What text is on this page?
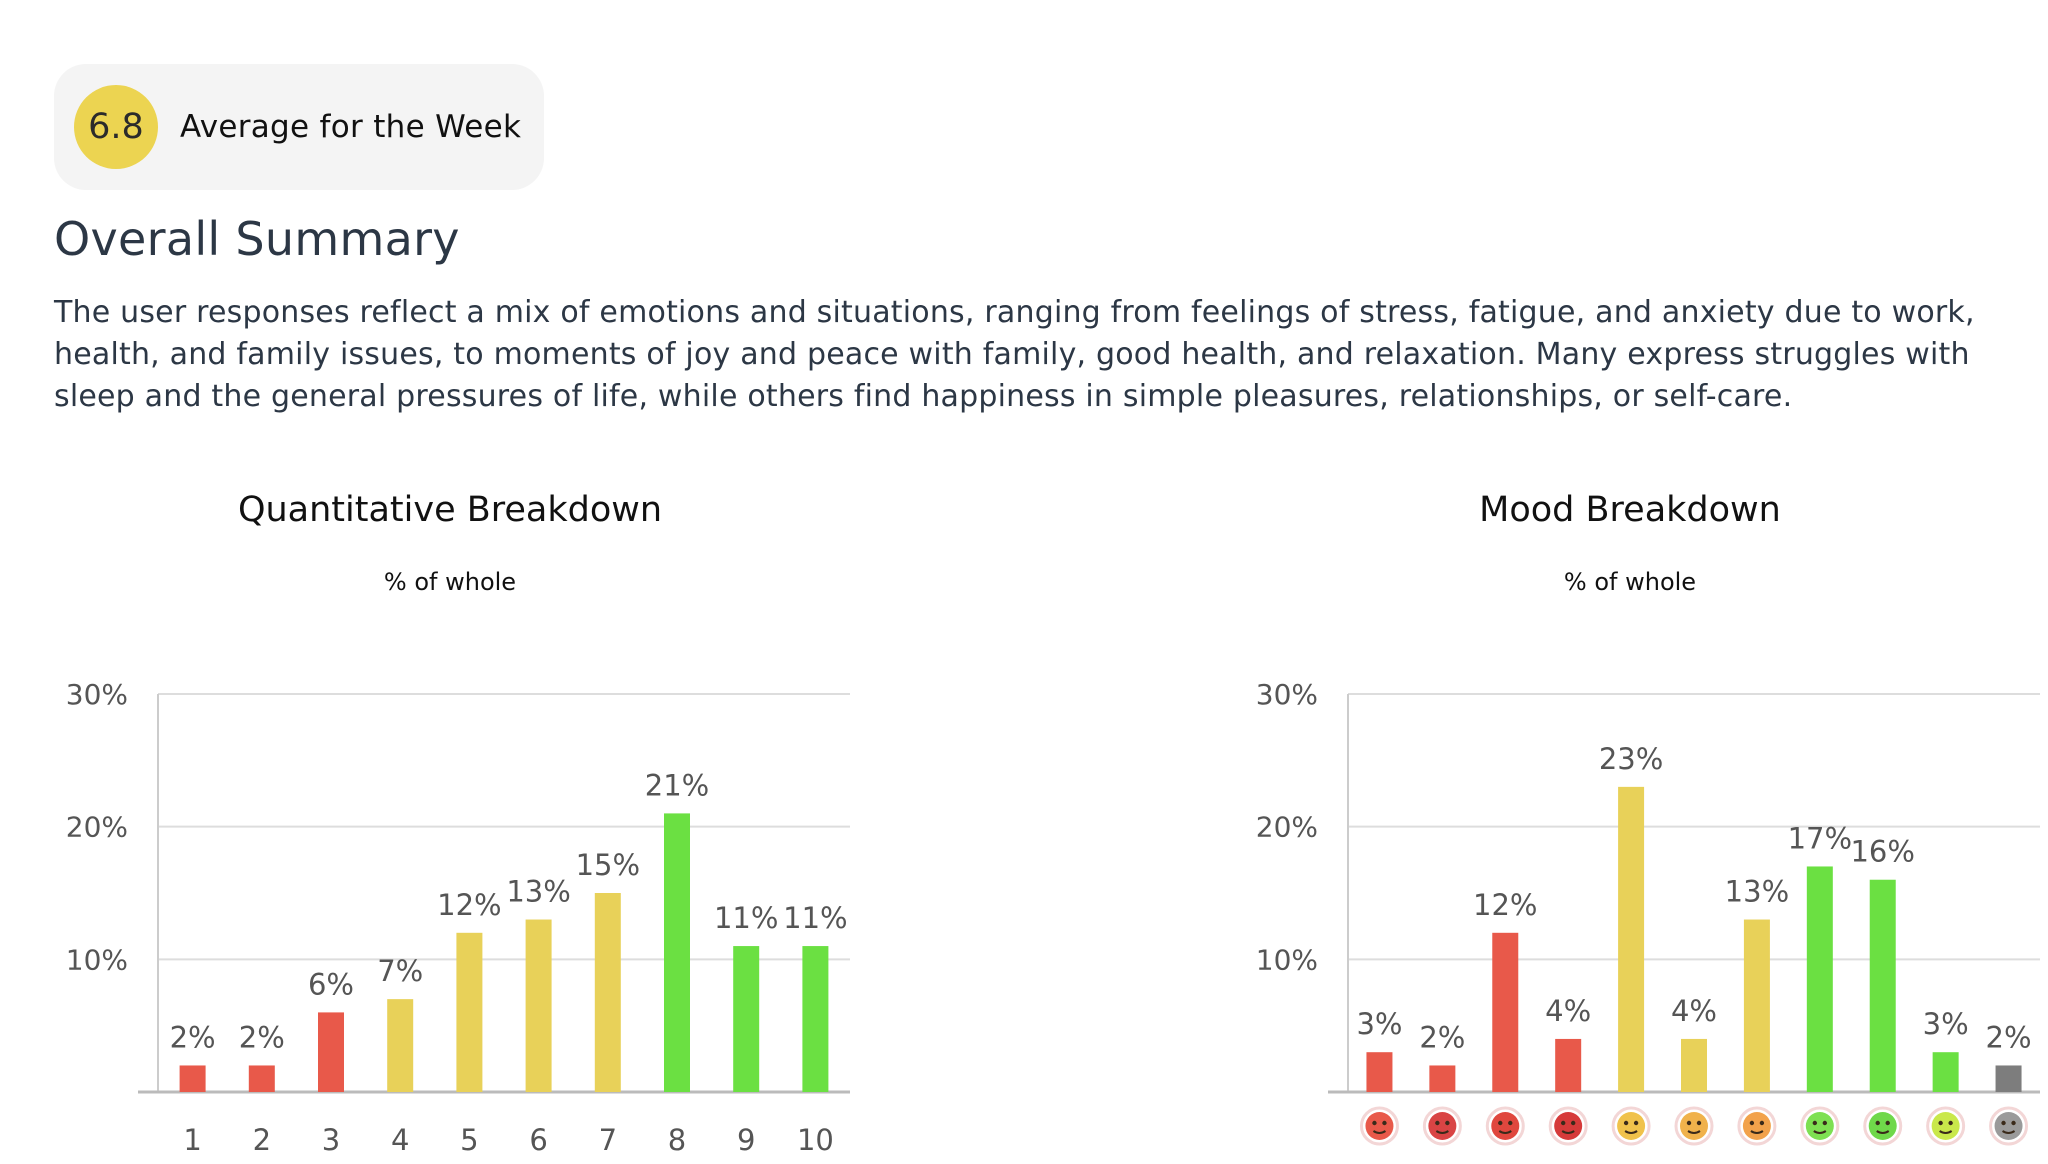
6.8	Average for the Week
Overall Summary

The user responses reflect a mix of emotions and situations, ranging from feelings of stress, fatigue, and anxiety due to work, health, and family issues, to moments of joy and peace with family, good health, and relaxation. Many express struggles with sleep and the general pressures of life, while others find happiness in simple pleasures, relationships, or self-care.

Quantitative Breakdown
% of whole
10%
20%
30%
2%
1
2%
2
6%
3
7%
4
12%
5
13%
6
15%
7
21%
8
11%
9
11%
10
Mood Breakdown
% of whole
10%
20%
30%
3% 2%
12%
4%
23%
4%
13%
17%
16%
3% 2%
